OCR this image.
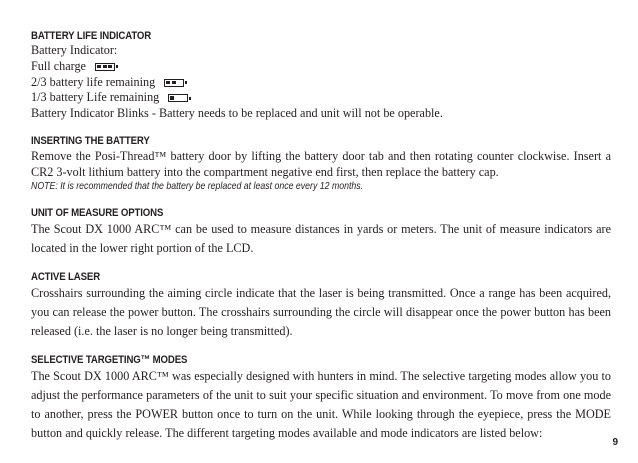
BATTERY LIFE INDICATOR
Battery Indicator:
Full charge
2/3 battery life remaining
1/3 battery Life remaining
Battery Indicator Blinks - Battery needs to be replaced and unit will not be operable.
INSERTING THE BATTERY

Remove the Posi-Thread™ battery door by lifting the battery door tab and then rotating counter clockwise. Insert a CR2 3-volt lithium battery into the compartment negative end first, then replace the battery cap.

NOTE: It is recommended that the battery be replaced at least once every 12 months.
UNIT OF MEASURE OPTIONS

The Scout DX 1000 ARC™ can be used to measure distances in yards or meters. The unit of measure indicators are located in the lower right portion of the LCD.

ACTIVE LASER

Crosshairs surrounding the aiming circle indicate that the laser is being transmitted. Once a range has been acquired, you can release the power button. The crosshairs surrounding the circle will disappear once the power button has been released (i.e. the laser is no longer being transmitted).

SELECTIVE TARGETING™ MODES

The Scout DX 1000 ARC™ was especially designed with hunters in mind. The selective targeting modes allow you to adjust the performance parameters of the unit to suit your specific situation and environment. To move from one mode to another, press the POWER button once to turn on the unit. While looking through the eyepiece, press the MODE button and quickly release. The different targeting modes available and mode indicators are listed below:

9
